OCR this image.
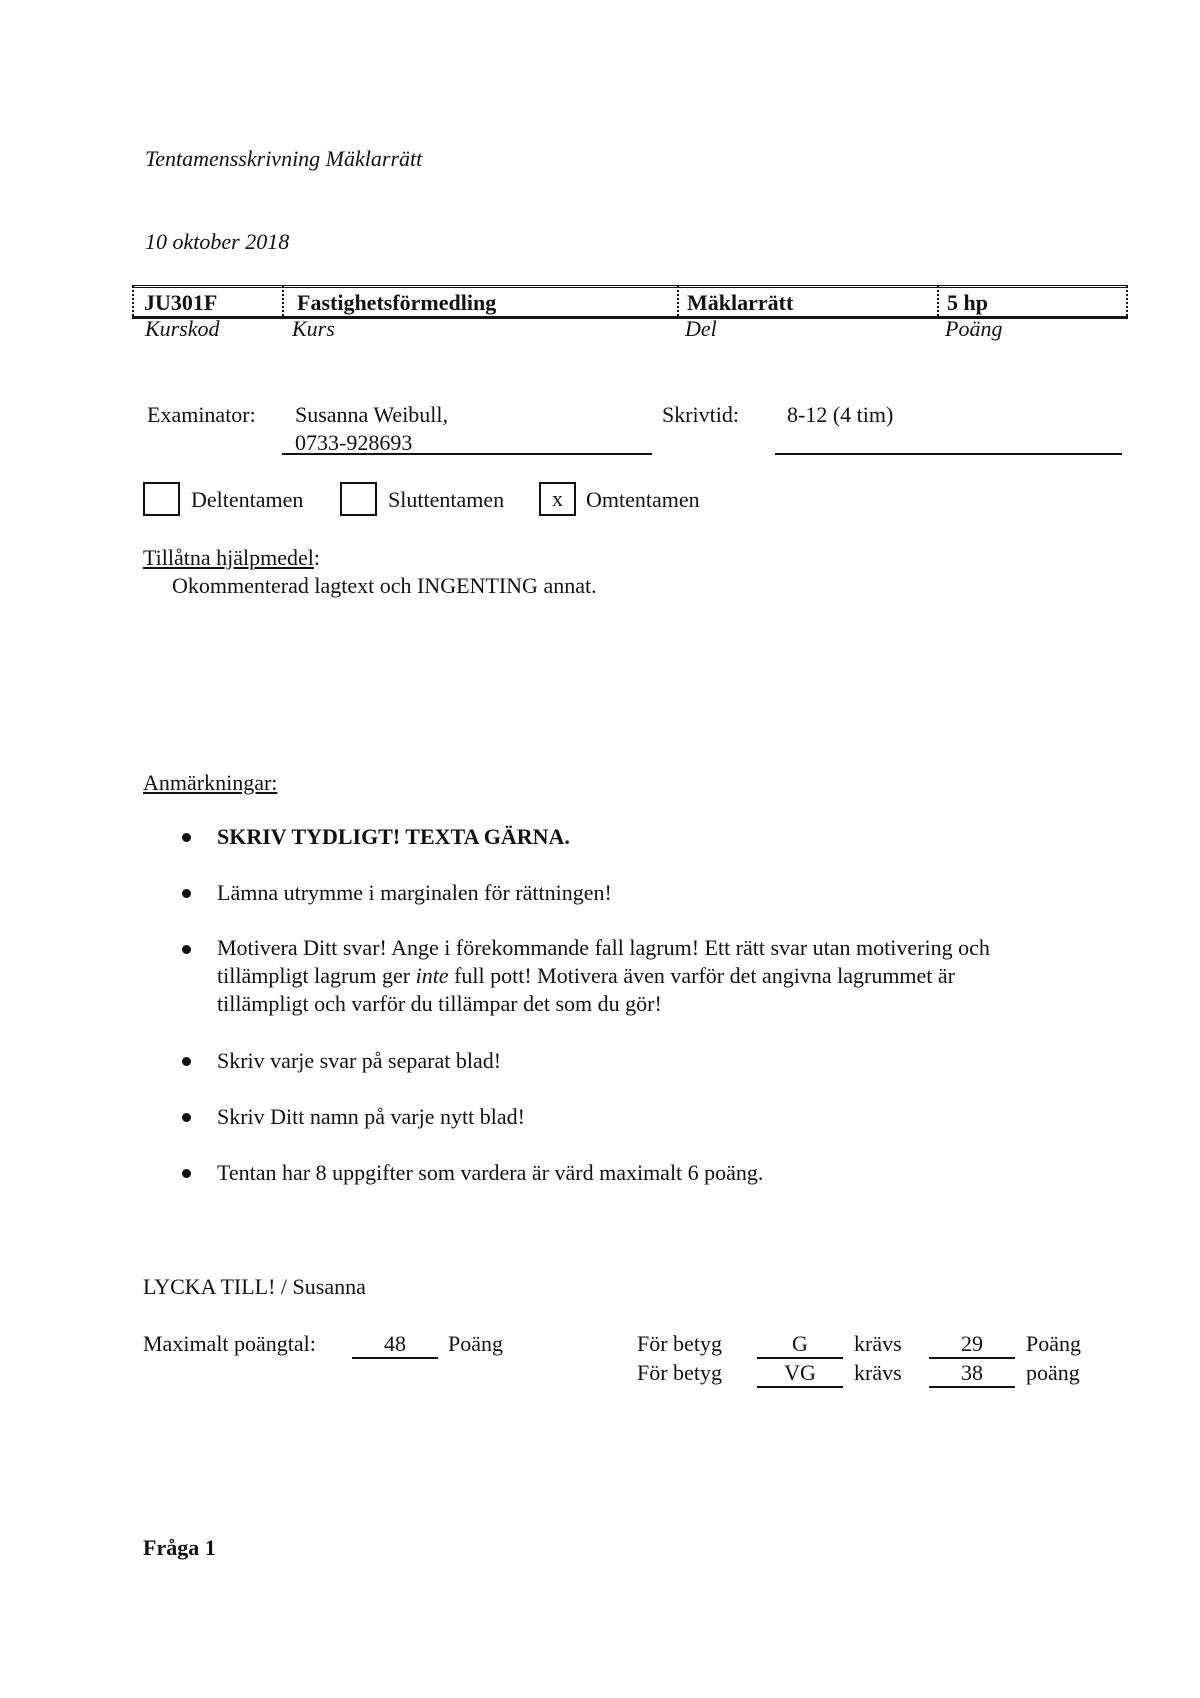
Tentamensskrivning Mäklarrätt
10 oktober 2018
JU301F	Fastighetsförmedling	Mäklarrätt	5 hp
Kurskod	Kurs	Del	Poäng
Examinator: Susanna Weibull,
0733-928693
Skrivtid: 8-12 (4 tim)
Deltentamen	Sluttentamen	x	Omtentamen
Tillåtna hjälpmedel:
Okommenterad lagtext och INGENTING annat.
Anmärkningar:
SKRIV TYDLIGT! TEXTA GÄRNA.
Lämna utrymme i marginalen för rättningen!
Motivera Ditt svar! Ange i förekommande fall lagrum! Ett rätt svar utan motivering och
tillämpligt lagrum ger inte full pott! Motivera även varför det angivna lagrummet är
tillämpligt och varför du tillämpar det som du gör!
Skriv varje svar på separat blad!
Skriv Ditt namn på varje nytt blad!
Tentan har 8 uppgifter som vardera är värd maximalt 6 poäng.
LYCKA TILL! / Susanna
Maximalt poängtal:	48	Poäng	För betyg	G	krävs	29	Poäng
För betyg	VG	krävs	38	poäng
Fråga 1
